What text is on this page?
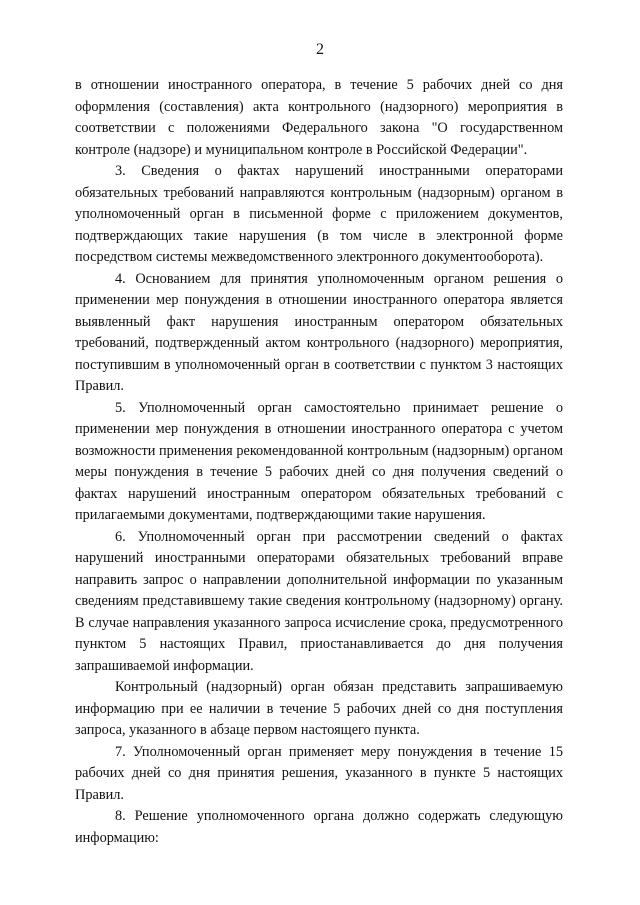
2

в отношении иностранного оператора, в течение 5 рабочих дней со дня оформления (составления) акта контрольного (надзорного) мероприятия в соответствии с положениями Федерального закона "О государственном контроле (надзоре) и муниципальном контроле в Российской Федерации".

3. Сведения о фактах нарушений иностранными операторами обязательных требований направляются контрольным (надзорным) органом в уполномоченный орган в письменной форме с приложением документов, подтверждающих такие нарушения (в том числе в электронной форме посредством системы межведомственного электронного документооборота).

4. Основанием для принятия уполномоченным органом решения о применении мер понуждения в отношении иностранного оператора является выявленный факт нарушения иностранным оператором обязательных требований, подтвержденный актом контрольного (надзорного) мероприятия, поступившим в уполномоченный орган в соответствии с пунктом 3 настоящих Правил.

5. Уполномоченный орган самостоятельно принимает решение о применении мер понуждения в отношении иностранного оператора с учетом возможности применения рекомендованной контрольным (надзорным) органом меры понуждения в течение 5 рабочих дней со дня получения сведений о фактах нарушений иностранным оператором обязательных требований с прилагаемыми документами, подтверждающими такие нарушения.

6. Уполномоченный орган при рассмотрении сведений о фактах нарушений иностранными операторами обязательных требований вправе направить запрос о направлении дополнительной информации по указанным сведениям представившему такие сведения контрольному (надзорному) органу. В случае направления указанного запроса исчисление срока, предусмотренного пунктом 5 настоящих Правил, приостанавливается до дня получения запрашиваемой информации.

Контрольный (надзорный) орган обязан представить запрашиваемую информацию при ее наличии в течение 5 рабочих дней со дня поступления запроса, указанного в абзаце первом настоящего пункта.

7. Уполномоченный орган применяет меру понуждения в течение 15 рабочих дней со дня принятия решения, указанного в пункте 5 настоящих Правил.

8. Решение уполномоченного органа должно содержать следующую информацию:
